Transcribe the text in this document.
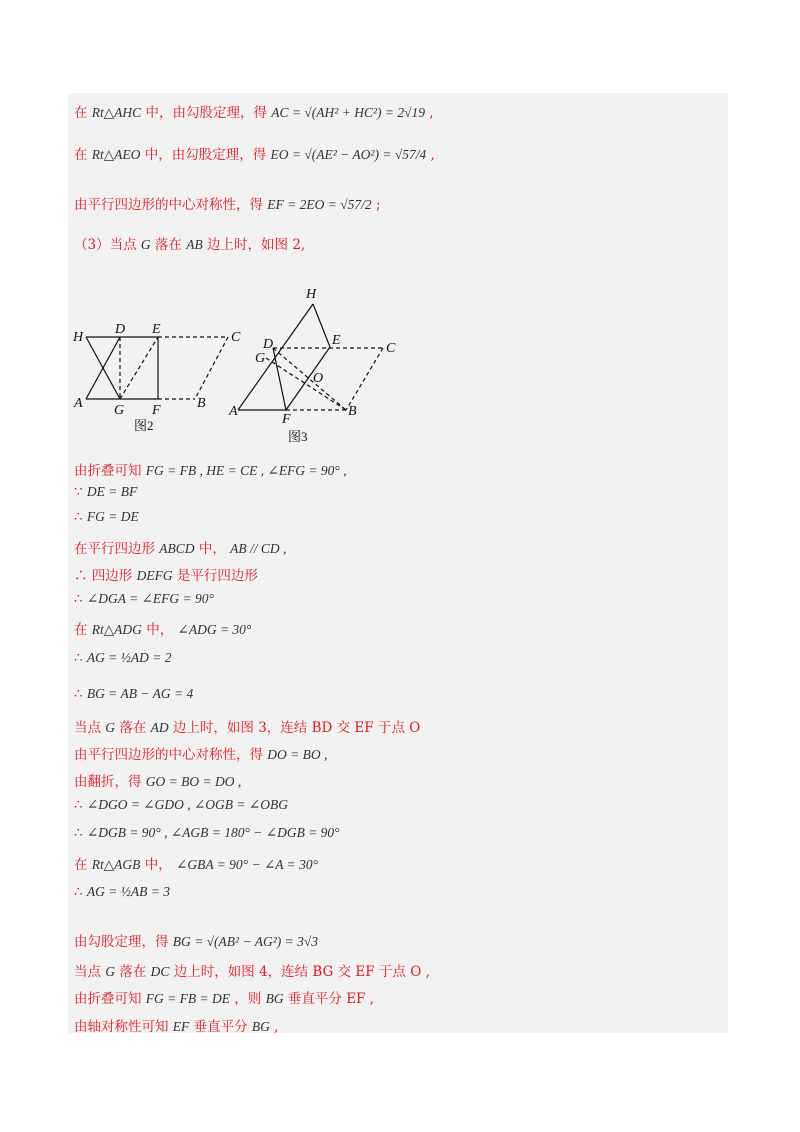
在 Rt△AHC 中，由勾股定理，得 AC = √(AH² + HC²) = 2√19 ,
在 Rt△AEO 中，由勾股定理，得 EO = √(AE² − AO²) = √57/4 ,
由平行四边形的中心对称性，得 EF = 2EO = √57/2 ;
（3）当点 G 落在 AB 边上时，如图 2,
由折叠可知 FG = FB , HE = CE , ∠EFG = 90° ,
∵ DE = BF
∴ FG = DE
在平行四边形 ABCD 中， AB // CD ,
∴ 四边形 DEFG 是平行四边形
∴ ∠DGA = ∠EFG = 90°
在 Rt△ADG 中， ∠ADG = 30°
∴ AG = ½AD = 2
∴ BG = AB − AG = 4
当点 G 落在 AD 边上时，如图 3，连结 BD 交 EF 于点 O
由平行四边形的中心对称性，得 DO = BO ,
由翻折，得 GO = BO = DO ,
∴ ∠DGO = ∠GDO , ∠OGB = ∠OBG
∴ ∠DGB = 90° , ∠AGB = 180° − ∠DGB = 90°
在 Rt△AGB 中， ∠GBA = 90° − ∠A = 30°
∴ AG = ½AB = 3
由勾股定理，得 BG = √(AB² − AG²) = 3√3
当点 G 落在 DC 边上时，如图 4，连结 BG 交 EF 于点 O ,
由折叠可知 FG = FB = DE ，则 BG 垂直平分 EF ,
由轴对称性可知 EF 垂直平分 BG ,
H
D E
C
A G F	B
图2
H
D	E
C
G
O
A
F
B
图3
